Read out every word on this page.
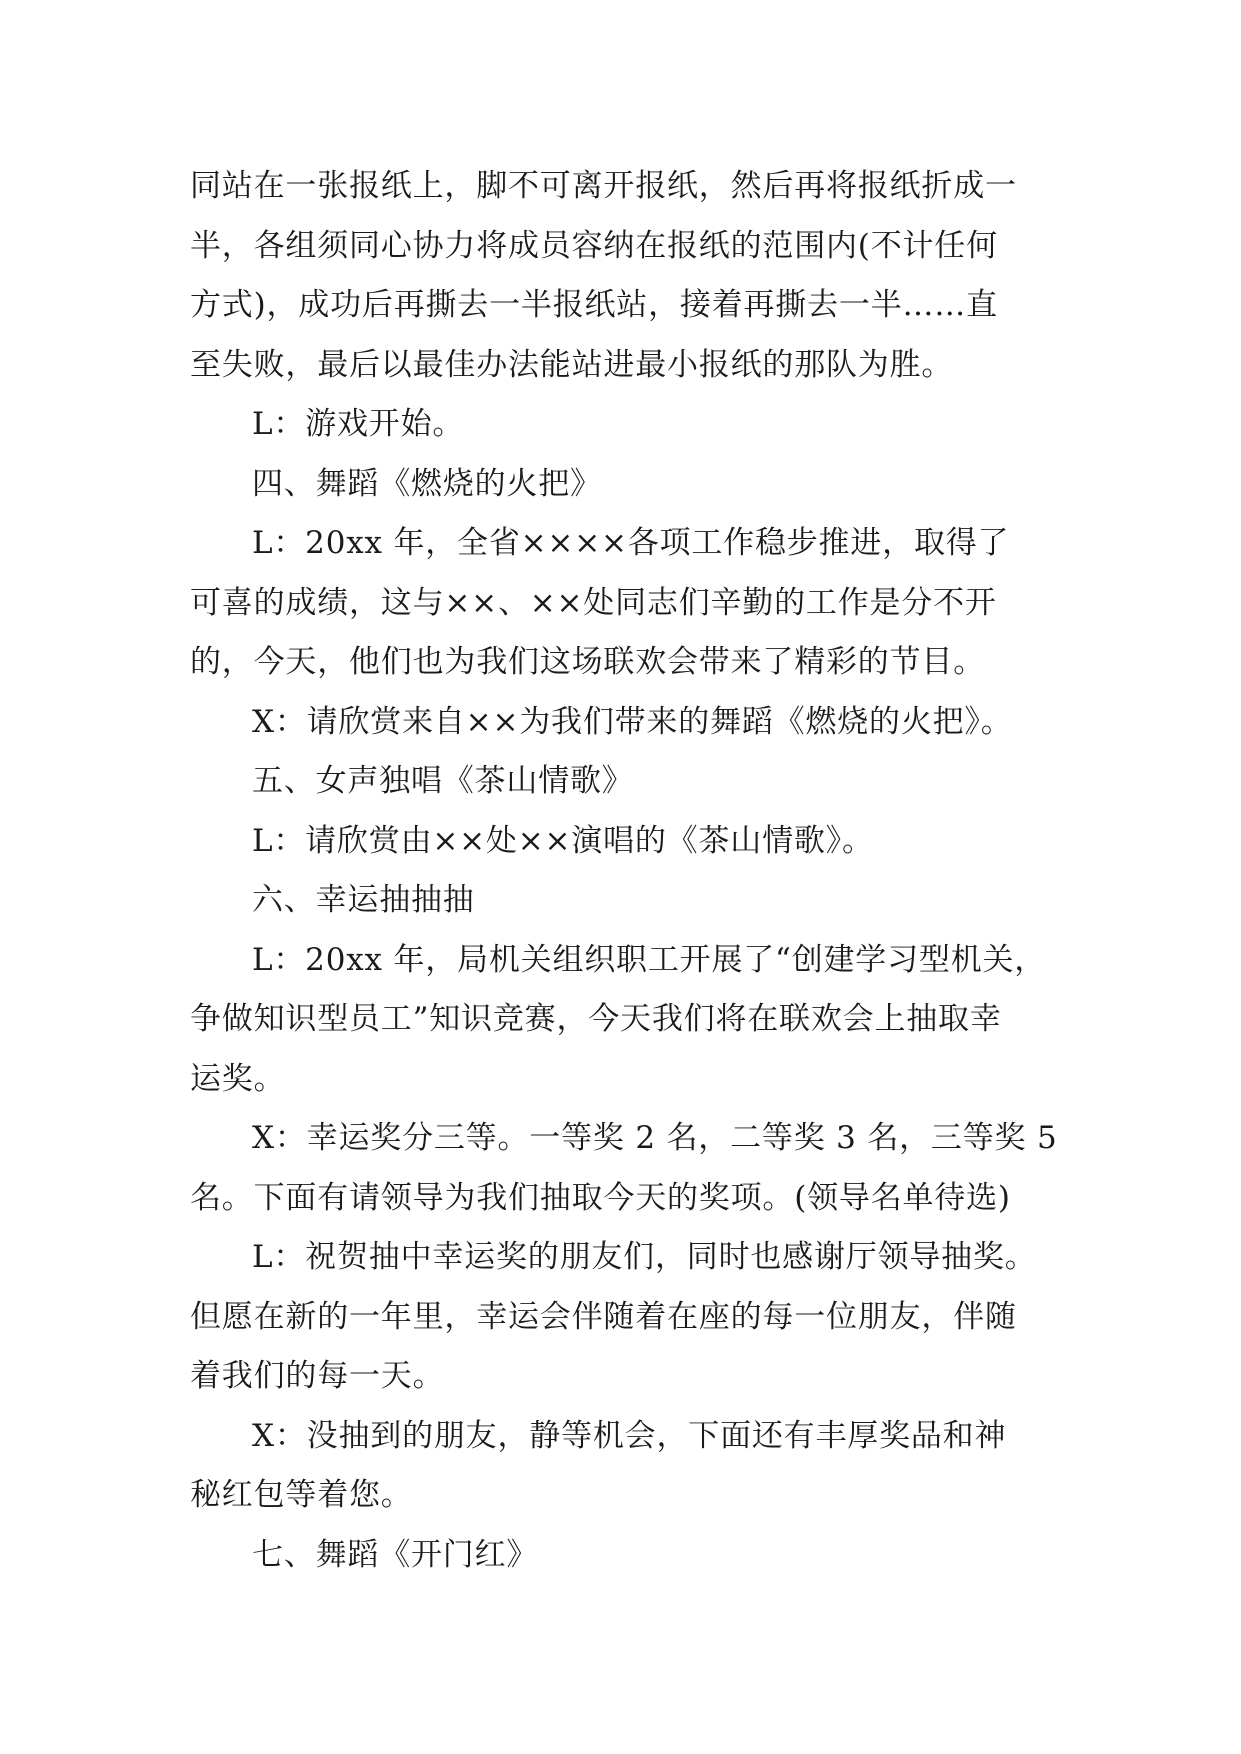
同站在一张报纸上，脚不可离开报纸，然后再将报纸折成一
半，各组须同心协力将成员容纳在报纸的范围内(不计任何
方式)，成功后再撕去一半报纸站，接着再撕去一半……直
至失败，最后以最佳办法能站进最小报纸的那队为胜。
L：游戏开始。
四、舞蹈《燃烧的火把》
L：20xx 年，全省××××各项工作稳步推进，取得了
可喜的成绩，这与××、××处同志们辛勤的工作是分不开
的，今天，他们也为我们这场联欢会带来了精彩的节目。
X：请欣赏来自××为我们带来的舞蹈《燃烧的火把》。
五、女声独唱《茶山情歌》
L：请欣赏由××处××演唱的《茶山情歌》。
六、幸运抽抽抽
L：20xx 年，局机关组织职工开展了“创建学习型机关，
争做知识型员工”知识竞赛，今天我们将在联欢会上抽取幸
运奖。
X：幸运奖分三等。一等奖 2 名，二等奖 3 名，三等奖 5
名。下面有请领导为我们抽取今天的奖项。(领导名单待选)
L：祝贺抽中幸运奖的朋友们，同时也感谢厅领导抽奖。
但愿在新的一年里，幸运会伴随着在座的每一位朋友，伴随
着我们的每一天。
X：没抽到的朋友，静等机会，下面还有丰厚奖品和神
秘红包等着您。
七、舞蹈《开门红》
